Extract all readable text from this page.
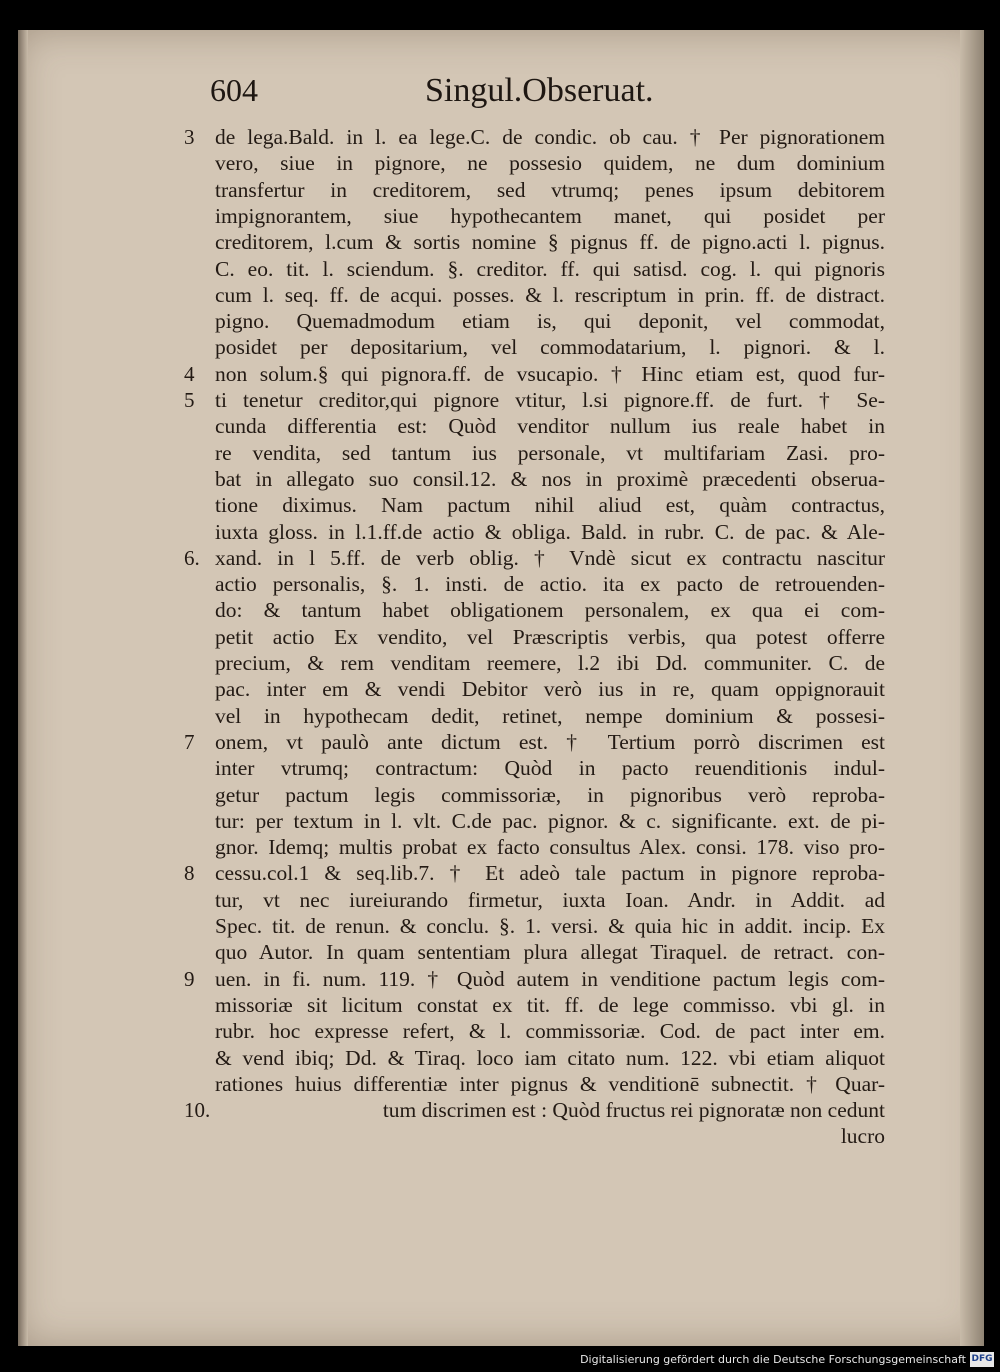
604	Singul.Obseruat.
de lega.Bald. in l. ea lege.C. de condic. ob cau. † Per pignorationem
vero, siue in pignore, ne possesio quidem, ne dum dominium
transfertur in creditorem, sed vtrumq; penes ipsum debitorem
impignorantem, siue hypothecantem manet, qui posidet per
creditorem, l.cum & sortis nomine § pignus ff. de pigno.acti l. pignus.
C. eo. tit. l. sciendum. §. creditor. ff. qui satisd. cog. l. qui pignoris
cum l. seq. ff. de acqui. posses. & l. rescriptum in prin. ff. de distract.
pigno. Quemadmodum etiam is, qui deponit, vel commodat,
posidet per depositarium, vel commodatarium, l. pignori. & l.
non solum.§ qui pignora.ff. de vsucapio. † Hinc etiam est, quod fur-
ti tenetur creditor,qui pignore vtitur, l.si pignore.ff. de furt. † Se-
cunda differentia est: Quòd venditor nullum ius reale habet in
re vendita, sed tantum ius personale, vt multifariam Zasi. pro-
bat in allegato suo consil.12. & nos in proximè præcedenti obserua-
tione diximus. Nam pactum nihil aliud est, quàm contractus,
iuxta gloss. in l.1.ff.de actio & obliga. Bald. in rubr. C. de pac. & Ale-
xand. in l 5.ff. de verb oblig. † Vndè sicut ex contractu nascitur
actio personalis, §. 1. insti. de actio. ita ex pacto de retrouenden-
do: & tantum habet obligationem personalem, ex qua ei com-
petit actio Ex vendito, vel Præscriptis verbis, qua potest offerre
precium, & rem venditam reemere, l.2 ibi Dd. communiter. C. de
pac. inter em & vendi Debitor verò ius in re, quam oppignorauit
vel in hypothecam dedit, retinet, nempe dominium & possesi-
onem, vt paulò ante dictum est. † Tertium porrò discrimen est
inter vtrumq; contractum: Quòd in pacto reuenditionis indul-
getur pactum legis commissoriæ, in pignoribus verò reproba-
tur: per textum in l. vlt. C.de pac. pignor. & c. significante. ext. de pi-
gnor. Idemq; multis probat ex facto consultus Alex. consi. 178. viso pro-
cessu.col.1 & seq.lib.7. † Et adeò tale pactum in pignore reproba-
tur, vt nec iureiurando firmetur, iuxta Ioan. Andr. in Addit. ad
Spec. tit. de renun. & conclu. §. 1. versi. & quia hic in addit. incip. Ex
quo Autor. In quam sententiam plura allegat Tiraquel. de retract. con-
uen. in fi. num. 119. † Quòd autem in venditione pactum legis com-
missoriæ sit licitum constat ex tit. ff. de lege commisso. vbi gl. in
rubr. hoc expresse refert, & l. commissoriæ. Cod. de pact inter em.
& vend ibiq; Dd. & Tiraq. loco iam citato num. 122. vbi etiam aliquot
rationes huius differentiæ inter pignus & venditionē subnectit. † Quar-
tum discrimen est : Quòd fructus rei pignoratæ non cedunt
3
4
5
6.
7
8
9
10.
lucro
Digitalisierung gefördert durch die Deutsche Forschungsgemeinschaft DFG
